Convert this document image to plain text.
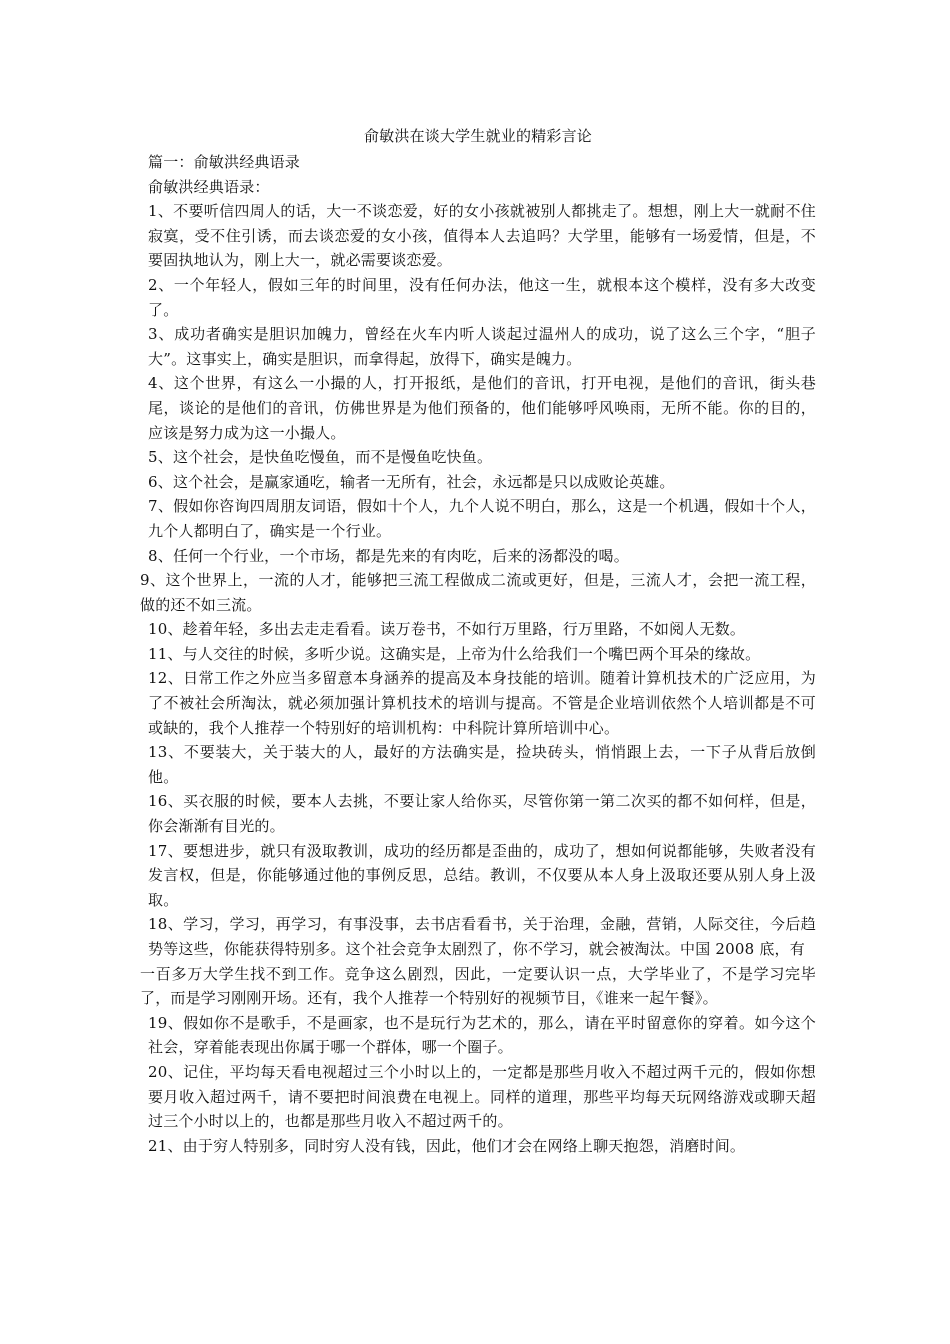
俞敏洪在谈大学生就业的精彩言论

篇一：俞敏洪经典语录

俞敏洪经典语录：

1、不要听信四周人的话，大一不谈恋爱，好的女小孩就被别人都挑走了。想想，刚上大一就耐不住寂寞，受不住引诱，而去谈恋爱的女小孩，值得本人去追吗？大学里，能够有一场爱情，但是，不要固执地认为，刚上大一，就必需要谈恋爱。

2、一个年轻人，假如三年的时间里，没有任何办法，他这一生，就根本这个模样，没有多大改变了。

3、成功者确实是胆识加魄力，曾经在火车内听人谈起过温州人的成功，说了这么三个字，“胆子大”。这事实上，确实是胆识，而拿得起，放得下，确实是魄力。

4、这个世界，有这么一小撮的人，打开报纸，是他们的音讯，打开电视，是他们的音讯，街头巷尾，谈论的是他们的音讯，仿佛世界是为他们预备的，他们能够呼风唤雨，无所不能。你的目的，应该是努力成为这一小撮人。

5、这个社会，是快鱼吃慢鱼，而不是慢鱼吃快鱼。

6、这个社会，是赢家通吃，输者一无所有，社会，永远都是只以成败论英雄。

7、假如你咨询四周朋友词语，假如十个人，九个人说不明白，那么，这是一个机遇，假如十个人，九个人都明白了，确实是一个行业。

8、任何一个行业，一个市场，都是先来的有肉吃，后来的汤都没的喝。

9、这个世界上，一流的人才，能够把三流工程做成二流或更好，但是，三流人才，会把一流工程，做的还不如三流。

10、趁着年轻，多出去走走看看。读万卷书，不如行万里路，行万里路，不如阅人无数。

11、与人交往的时候，多听少说。这确实是，上帝为什么给我们一个嘴巴两个耳朵的缘故。

12、日常工作之外应当多留意本身涵养的提高及本身技能的培训。随着计算机技术的广泛应用，为了不被社会所淘汰，就必须加强计算机技术的培训与提高。不管是企业培训依然个人培训都是不可或缺的，我个人推荐一个特别好的培训机构：中科院计算所培训中心。

13、不要装大，关于装大的人，最好的方法确实是，捡块砖头，悄悄跟上去，一下子从背后放倒他。

16、买衣服的时候，要本人去挑，不要让家人给你买，尽管你第一第二次买的都不如何样，但是，你会渐渐有目光的。

17、要想进步，就只有汲取教训，成功的经历都是歪曲的，成功了，想如何说都能够，失败者没有发言权，但是，你能够通过他的事例反思，总结。教训，不仅要从本人身上汲取还要从别人身上汲取。

18、学习，学习，再学习，有事没事，去书店看看书，关于治理，金融，营销，人际交往，今后趋势等这些，你能获得特别多。这个社会竞争太剧烈了，你不学习，就会被淘汰。中国 2008 底，有

一百多万大学生找不到工作。竞争这么剧烈，因此，一定要认识一点，大学毕业了，不是学习完毕了，而是学习刚刚开场。还有，我个人推荐一个特别好的视频节目，《谁来一起午餐》。

19、假如你不是歌手，不是画家，也不是玩行为艺术的，那么，请在平时留意你的穿着。如今这个社会，穿着能表现出你属于哪一个群体，哪一个圈子。

20、记住，平均每天看电视超过三个小时以上的，一定都是那些月收入不超过两千元的，假如你想要月收入超过两千，请不要把时间浪费在电视上。同样的道理，那些平均每天玩网络游戏或聊天超过三个小时以上的，也都是那些月收入不超过两千的。

21、由于穷人特别多，同时穷人没有钱，因此，他们才会在网络上聊天抱怨，消磨时间。
